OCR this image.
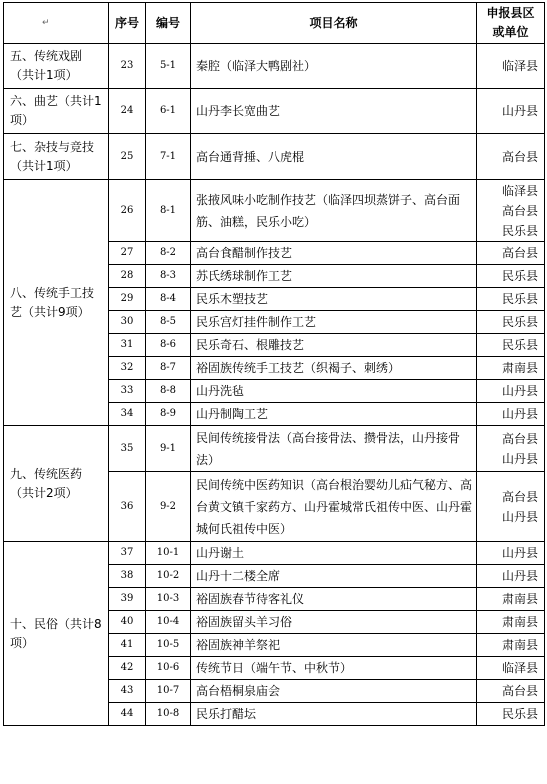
↵	序号	编号	项目名称	申报县区或单位
五、传统戏剧（共计1项）	23	5-1	秦腔（临泽大鸭剧社）	临泽县
六、曲艺（共计1项）	24	6-1	山丹李长宽曲艺	山丹县
七、杂技与竞技（共计1项）	25	7-1	高台通背捶、八虎棍	高台县
八、传统手工技艺（共计9项）	26	8-1	张掖风味小吃制作技艺（临泽四坝蒸饼子、高台面筋、油糕，民乐小吃）	临泽县
高台县
民乐县

	27	8-2	高台食醋制作技艺	高台县
	28	8-3	苏氏绣球制作工艺	民乐县
	29	8-4	民乐木塑技艺	民乐县
	30	8-5	民乐宫灯挂件制作工艺	民乐县
	31	8-6	民乐奇石、根雕技艺	民乐县
	32	8-7	裕固族传统手工技艺（织褐子、刺绣）	肃南县
	33	8-8	山丹洗毡	山丹县
	34	8-9	山丹制陶工艺	山丹县
九、传统医药（共计2项）	35	9-1	民间传统接骨法（高台接骨法、攒骨法，山丹接骨法）	高台县
山丹县

	36	9-2	民间传统中医药知识（高台根治婴幼儿疝气秘方、高台黄文镇千家药方、山丹霍城常氏祖传中医、山丹霍城何氏祖传中医）	高台县
山丹县

十、民俗（共计8项）	37	10-1	山丹谢土	山丹县
	38	10-2	山丹十二楼全席	山丹县
	39	10-3	裕固族春节待客礼仪	肃南县
	40	10-4	裕固族留头羊习俗	肃南县
	41	10-5	裕固族神羊祭祀	肃南县
	42	10-6	传统节日（端午节、中秋节）	临泽县
	43	10-7	高台梧桐泉庙会	高台县
	44	10-8	民乐打醋坛	民乐县
